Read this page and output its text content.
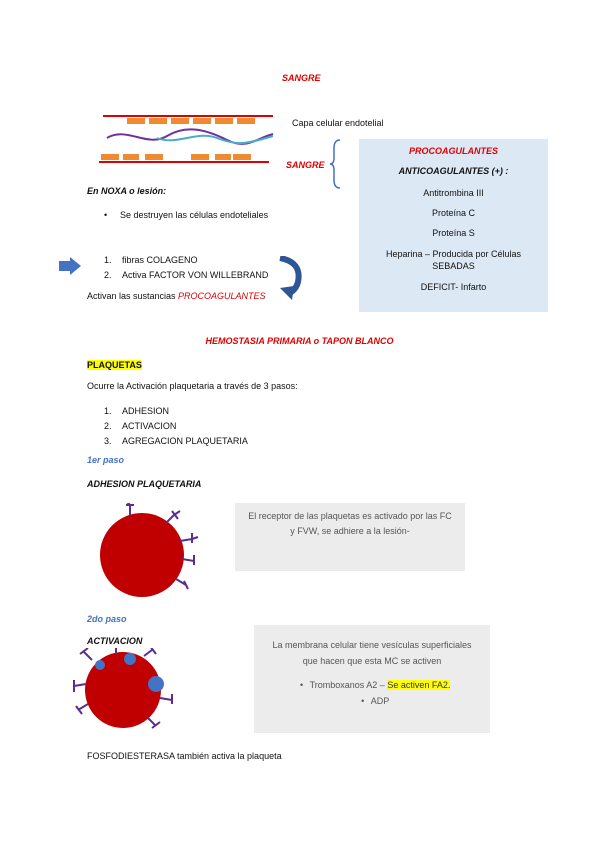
SANGRE
Capa celular endotelial
SANGRE
PROCOAGULANTES
ANTICOAGULANTES (+) :
Antitrombina III
Proteína C
Proteína S
Heparina – Producida por Células SEBADAS
DEFICIT- Infarto
En NOXA o lesión:
• Se destruyen las células endoteliales
1. fibras COLAGENO
2. Activa FACTOR VON WILLEBRAND
Activan las sustancias PROCOAGULANTES
HEMOSTASIA PRIMARIA o TAPON BLANCO
PLAQUETAS
Ocurre la Activación plaquetaria a través de 3 pasos:
1. ADHESION
2. ACTIVACION
3. AGREGACION PLAQUETARIA
1er paso
ADHESION PLAQUETARIA
El receptor de las plaquetas es activado por las FC y FVW, se adhiere a la lesión-
2do paso
ACTIVACION	La membrana celular tiene vesículas superficiales que hacen que esta MC se activen
• Tromboxanos A2 – Se activen FA2.
• ADP
FOSFODIESTERASA también activa la plaqueta
